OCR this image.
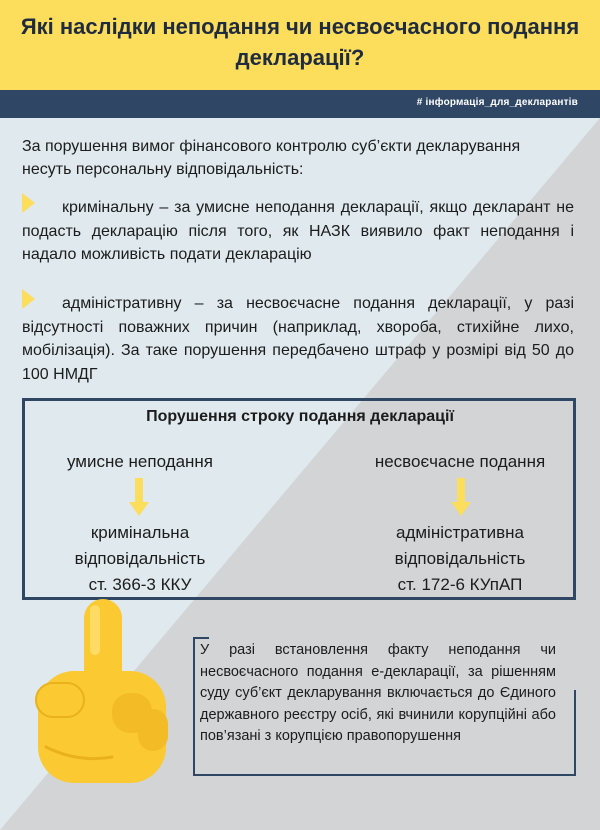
Які наслідки неподання чи несвоєчасного подання декларації?
# інформація_для_декларантів
За порушення вимог фінансового контролю суб’єкти декларування несуть персональну відповідальність:
кримінальну – за умисне неподання декларації, якщо декларант не подасть декларацію після того, як НАЗК виявило факт неподання і надало можливість подати декларацію
адміністративну – за несвоєчасне подання декларації, у разі відсутності поважних причин (наприклад, хвороба, стихійне лихо, мобілізація). За таке порушення передбачено штраф у розмірі від 50 до 100 НМДГ
Порушення строку подання декларації
умисне неподання	несвоєчасне подання
кримінальна
відповідальність
ст. 366-3 ККУ
адміністративна
відповідальність
ст. 172-6 КУпАП
У разі встановлення факту неподання чи несвоєчасного подання е-декларації, за рішенням суду суб’єкт декларування включається до Єдиного державного реєстру осіб, які вчинили корупційні або пов’язані з корупцією правопорушення
